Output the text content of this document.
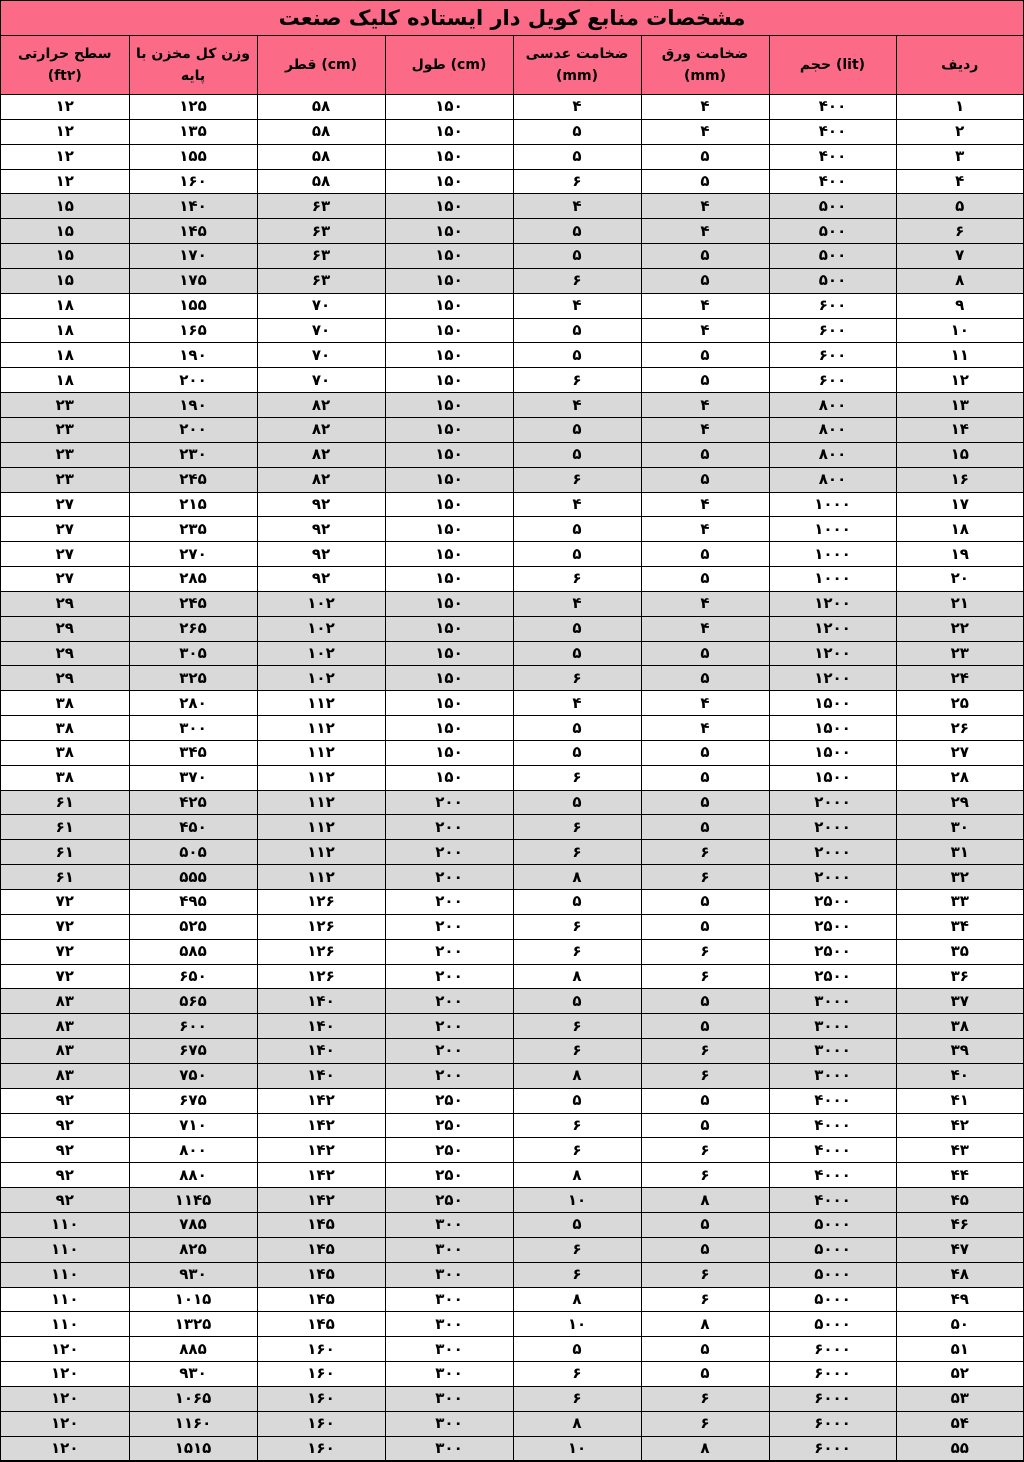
مشخصات منابع کویل دار ایستاده کلیک صنعت
سطح حرارتی (ft۲)	وزن کل مخزن با پایه	قطر (cm)	طول (cm)	ضخامت عدسی (mm)	ضخامت ورق (mm)	حجم (lit)	ردیف
۱۲	۱۲۵	۵۸	۱۵۰	۴	۴	۴۰۰	۱
۱۲	۱۳۵	۵۸	۱۵۰	۵	۴	۴۰۰	۲
۱۲	۱۵۵	۵۸	۱۵۰	۵	۵	۴۰۰	۳
۱۲	۱۶۰	۵۸	۱۵۰	۶	۵	۴۰۰	۴
۱۵	۱۴۰	۶۳	۱۵۰	۴	۴	۵۰۰	۵
۱۵	۱۴۵	۶۳	۱۵۰	۵	۴	۵۰۰	۶
۱۵	۱۷۰	۶۳	۱۵۰	۵	۵	۵۰۰	۷
۱۵	۱۷۵	۶۳	۱۵۰	۶	۵	۵۰۰	۸
۱۸	۱۵۵	۷۰	۱۵۰	۴	۴	۶۰۰	۹
۱۸	۱۶۵	۷۰	۱۵۰	۵	۴	۶۰۰	۱۰
۱۸	۱۹۰	۷۰	۱۵۰	۵	۵	۶۰۰	۱۱
۱۸	۲۰۰	۷۰	۱۵۰	۶	۵	۶۰۰	۱۲
۲۳	۱۹۰	۸۲	۱۵۰	۴	۴	۸۰۰	۱۳
۲۳	۲۰۰	۸۲	۱۵۰	۵	۴	۸۰۰	۱۴
۲۳	۲۳۰	۸۲	۱۵۰	۵	۵	۸۰۰	۱۵
۲۳	۲۴۵	۸۲	۱۵۰	۶	۵	۸۰۰	۱۶
۲۷	۲۱۵	۹۲	۱۵۰	۴	۴	۱۰۰۰	۱۷
۲۷	۲۳۵	۹۲	۱۵۰	۵	۴	۱۰۰۰	۱۸
۲۷	۲۷۰	۹۲	۱۵۰	۵	۵	۱۰۰۰	۱۹
۲۷	۲۸۵	۹۲	۱۵۰	۶	۵	۱۰۰۰	۲۰
۲۹	۲۴۵	۱۰۲	۱۵۰	۴	۴	۱۲۰۰	۲۱
۲۹	۲۶۵	۱۰۲	۱۵۰	۵	۴	۱۲۰۰	۲۲
۲۹	۳۰۵	۱۰۲	۱۵۰	۵	۵	۱۲۰۰	۲۳
۲۹	۳۲۵	۱۰۲	۱۵۰	۶	۵	۱۲۰۰	۲۴
۳۸	۲۸۰	۱۱۲	۱۵۰	۴	۴	۱۵۰۰	۲۵
۳۸	۳۰۰	۱۱۲	۱۵۰	۵	۴	۱۵۰۰	۲۶
۳۸	۳۴۵	۱۱۲	۱۵۰	۵	۵	۱۵۰۰	۲۷
۳۸	۳۷۰	۱۱۲	۱۵۰	۶	۵	۱۵۰۰	۲۸
۶۱	۴۲۵	۱۱۲	۲۰۰	۵	۵	۲۰۰۰	۲۹
۶۱	۴۵۰	۱۱۲	۲۰۰	۶	۵	۲۰۰۰	۳۰
۶۱	۵۰۵	۱۱۲	۲۰۰	۶	۶	۲۰۰۰	۳۱
۶۱	۵۵۵	۱۱۲	۲۰۰	۸	۶	۲۰۰۰	۳۲
۷۲	۴۹۵	۱۲۶	۲۰۰	۵	۵	۲۵۰۰	۳۳
۷۲	۵۲۵	۱۲۶	۲۰۰	۶	۵	۲۵۰۰	۳۴
۷۲	۵۸۵	۱۲۶	۲۰۰	۶	۶	۲۵۰۰	۳۵
۷۲	۶۵۰	۱۲۶	۲۰۰	۸	۶	۲۵۰۰	۳۶
۸۳	۵۶۵	۱۴۰	۲۰۰	۵	۵	۳۰۰۰	۳۷
۸۳	۶۰۰	۱۴۰	۲۰۰	۶	۵	۳۰۰۰	۳۸
۸۳	۶۷۵	۱۴۰	۲۰۰	۶	۶	۳۰۰۰	۳۹
۸۳	۷۵۰	۱۴۰	۲۰۰	۸	۶	۳۰۰۰	۴۰
۹۲	۶۷۵	۱۴۲	۲۵۰	۵	۵	۴۰۰۰	۴۱
۹۲	۷۱۰	۱۴۲	۲۵۰	۶	۵	۴۰۰۰	۴۲
۹۲	۸۰۰	۱۴۲	۲۵۰	۶	۶	۴۰۰۰	۴۳
۹۲	۸۸۰	۱۴۲	۲۵۰	۸	۶	۴۰۰۰	۴۴
۹۲	۱۱۴۵	۱۴۲	۲۵۰	۱۰	۸	۴۰۰۰	۴۵
۱۱۰	۷۸۵	۱۴۵	۳۰۰	۵	۵	۵۰۰۰	۴۶
۱۱۰	۸۲۵	۱۴۵	۳۰۰	۶	۵	۵۰۰۰	۴۷
۱۱۰	۹۳۰	۱۴۵	۳۰۰	۶	۶	۵۰۰۰	۴۸
۱۱۰	۱۰۱۵	۱۴۵	۳۰۰	۸	۶	۵۰۰۰	۴۹
۱۱۰	۱۳۲۵	۱۴۵	۳۰۰	۱۰	۸	۵۰۰۰	۵۰
۱۲۰	۸۸۵	۱۶۰	۳۰۰	۵	۵	۶۰۰۰	۵۱
۱۲۰	۹۳۰	۱۶۰	۳۰۰	۶	۵	۶۰۰۰	۵۲
۱۲۰	۱۰۶۵	۱۶۰	۳۰۰	۶	۶	۶۰۰۰	۵۳
۱۲۰	۱۱۶۰	۱۶۰	۳۰۰	۸	۶	۶۰۰۰	۵۴
۱۲۰	۱۵۱۵	۱۶۰	۳۰۰	۱۰	۸	۶۰۰۰	۵۵
